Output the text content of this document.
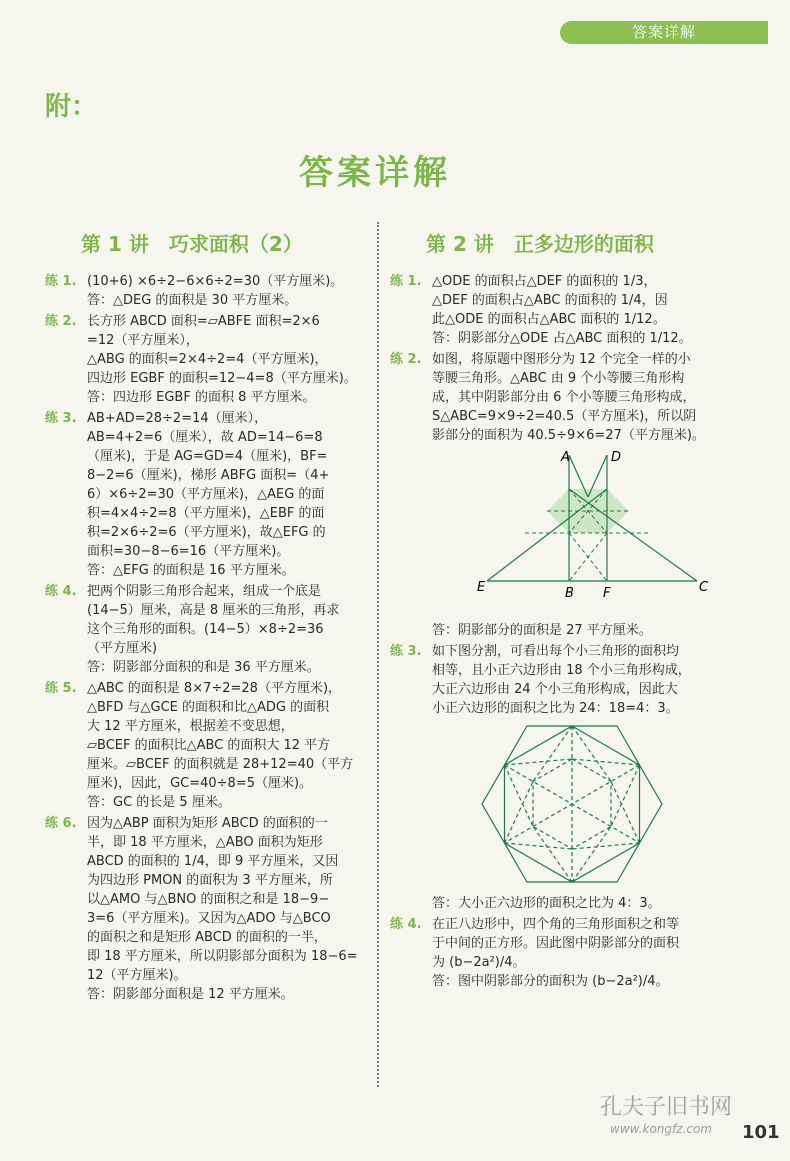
答案详解
附：
答案详解
第 1 讲　巧求面积（2）
练 1. (10+6) ×6÷2−6×6÷2=30（平方厘米)。

答：△DEG 的面积是 30 平方厘米。

练 2. 长方形 ABCD 面积=▱ABFE 面积=2×6

=12（平方厘米），

△ABG 的面积=2×4÷2=4（平方厘米)，

四边形 EGBF 的面积=12−4=8（平方厘米)。

答：四边形 EGBF 的面积 8 平方厘米。

练 3. AB+AD=28÷2=14（厘米），

AB=4+2=6（厘米），故 AD=14−6=8

（厘米)，于是 AG=GD=4（厘米)，BF=

8−2=6（厘米)，梯形 ABFG 面积=（4+

6）×6÷2=30（平方厘米)，△AEG 的面

积=4×4÷2=8（平方厘米)，△EBF 的面

积=2×6÷2=6（平方厘米)，故△EFG 的

面积=30−8−6=16（平方厘米)。

答：△EFG 的面积是 16 平方厘米。

练 4. 把两个阴影三角形合起来，组成一个底是

(14−5）厘米，高是 8 厘米的三角形，再求

这个三角形的面积。(14−5）×8÷2=36

（平方厘米)

答：阴影部分面积的和是 36 平方厘米。

练 5. △ABC 的面积是 8×7÷2=28（平方厘米)，

△BFD 与△GCE 的面积和比△ADG 的面积

大 12 平方厘米，根据差不变思想，

▱BCEF 的面积比△ABC 的面积大 12 平方

厘米。▱BCEF 的面积就是 28+12=40（平方

厘米)，因此，GC=40÷8=5（厘米)。

答：GC 的长是 5 厘米。

练 6. 因为△ABP 面积为矩形 ABCD 的面积的一

半，即 18 平方厘米，△ABO 面积为矩形

ABCD 的面积的 1/4，即 9 平方厘米，又因

为四边形 PMON 的面积为 3 平方厘米，所

以△AMO 与△BNO 的面积之和是 18−9−

3=6（平方厘米)。又因为△ADO 与△BCO

的面积之和是矩形 ABCD 的面积的一半，

即 18 平方厘米，所以阴影部分面积为 18−6=

12（平方厘米)。

答：阴影部分面积是 12 平方厘米。

第 2 讲　正多边形的面积
练 1. △ODE 的面积占△DEF 的面积的 1/3，

△DEF 的面积占△ABC 的面积的 1/4，因

此△ODE 的面积占△ABC 面积的 1/12。

答：阴影部分△ODE 占△ABC 面积的 1/12。

练 2. 如图，将原题中图形分为 12 个完全一样的小

等腰三角形。△ABC 由 9 个小等腰三角形构

成，其中阴影部分由 6 个小等腰三角形构成，

S△ABC=9×9÷2=40.5（平方厘米)，所以阴

影部分的面积为 40.5÷9×6=27（平方厘米)。

A	D
E	B F	C

答：阴影部分的面积是 27 平方厘米。

练 3. 如下图分割，可看出每个小三角形的面积均

相等，且小正六边形由 18 个小三角形构成，

大正六边形由 24 个小三角形构成，因此大

小正六边形的面积之比为 24：18=4：3。

答：大小正六边形的面积之比为 4：3。

练 4. 在正八边形中，四个角的三角形面积之和等

于中间的正方形。因此图中阴影部分的面积

为 (b−2a²)/4。

答：图中阴影部分的面积为 (b−2a²)/4。

孔夫子旧书网
www.kongfz.com 101
